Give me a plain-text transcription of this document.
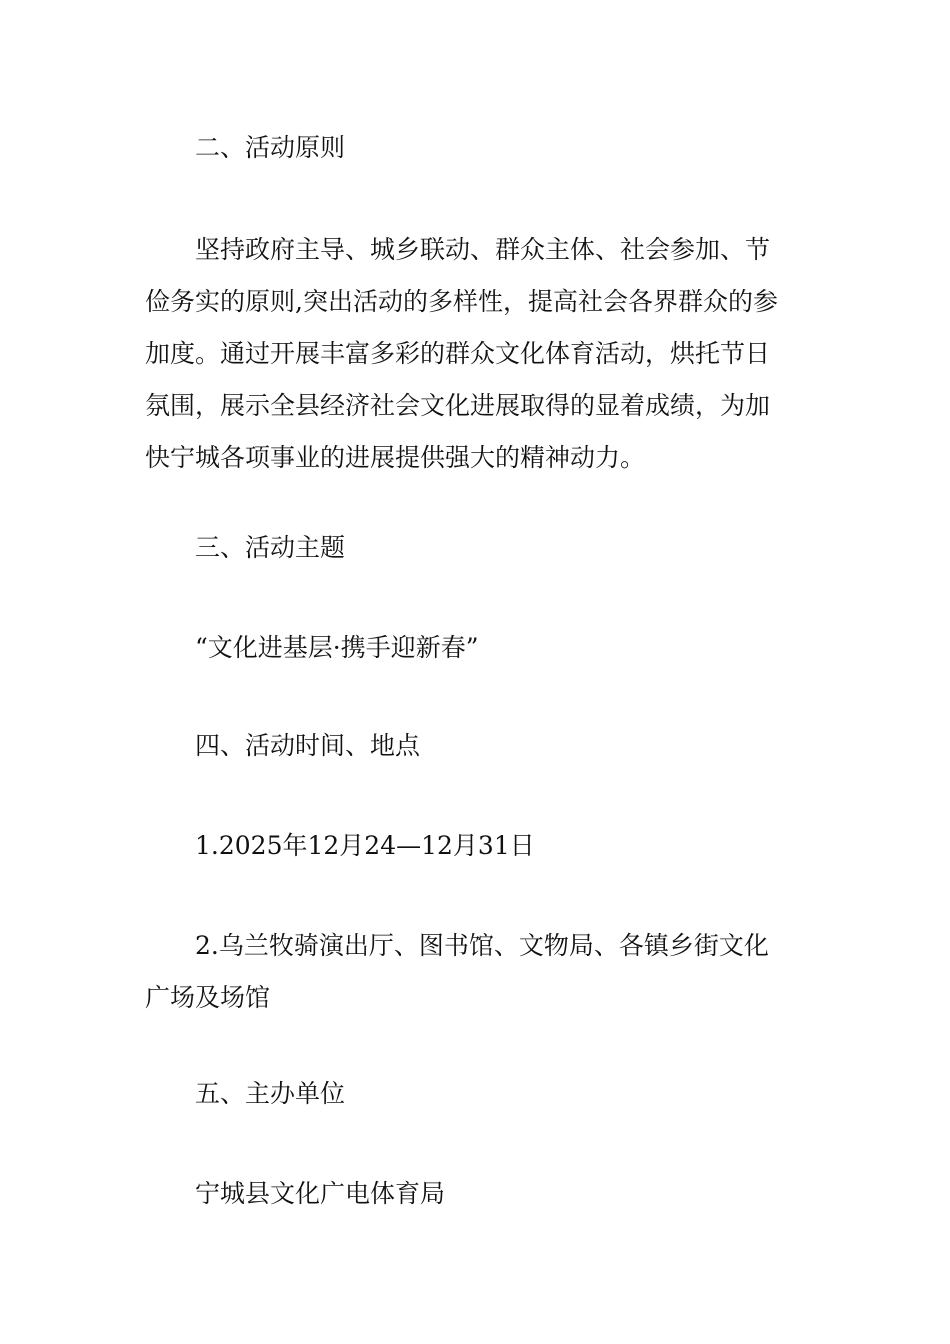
二、活动原则

坚持政府主导、城乡联动、群众主体、社会参加、节
俭务实的原则,突出活动的多样性，提高社会各界群众的参
加度。通过开展丰富多彩的群众文化体育活动，烘托节日
氛围，展示全县经济社会文化进展取得的显着成绩，为加
快宁城各项事业的进展提供强大的精神动力。

三、活动主题

“文化进基层·携手迎新春”

四、活动时间、地点

1.2025年12月24—12月31日

2.乌兰牧骑演出厅、图书馆、文物局、各镇乡街文化
广场及场馆

五、主办单位

宁城县文化广电体育局
